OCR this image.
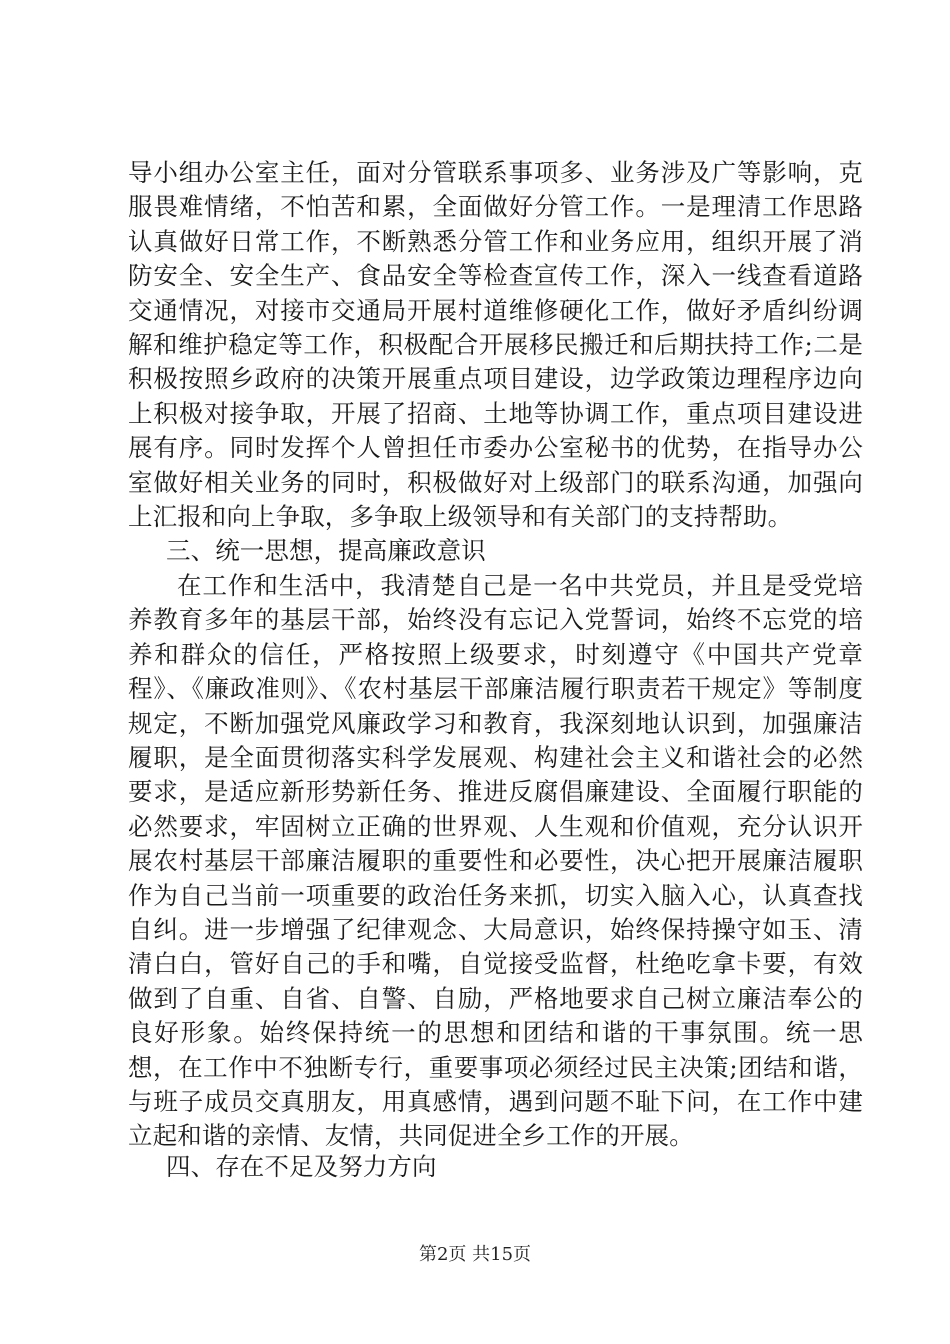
导小组办公室主任，面对分管联系事项多、业务涉及广等影响，克服畏难情绪，不怕苦和累，全面做好分管工作。一是理清工作思路认真做好日常工作，不断熟悉分管工作和业务应用，组织开展了消防安全、安全生产、食品安全等检查宣传工作，深入一线查看道路交通情况，对接市交通局开展村道维修硬化工作，做好矛盾纠纷调解和维护稳定等工作，积极配合开展移民搬迁和后期扶持工作;二是积极按照乡政府的决策开展重点项目建设，边学政策边理程序边向上积极对接争取，开展了招商、土地等协调工作，重点项目建设进展有序。同时发挥个人曾担任市委办公室秘书的优势，在指导办公室做好相关业务的同时，积极做好对上级部门的联系沟通，加强向上汇报和向上争取，多争取上级领导和有关部门的支持帮助。

三、统一思想，提高廉政意识

在工作和生活中，我清楚自己是一名中共党员，并且是受党培养教育多年的基层干部，始终没有忘记入党誓词，始终不忘党的培养和群众的信任，严格按照上级要求，时刻遵守《中国共产党章程》、《廉政准则》、《农村基层干部廉洁履行职责若干规定》等制度规定，不断加强党风廉政学习和教育，我深刻地认识到，加强廉洁履职，是全面贯彻落实科学发展观、构建社会主义和谐社会的必然要求，是适应新形势新任务、推进反腐倡廉建设、全面履行职能的必然要求，牢固树立正确的世界观、人生观和价值观，充分认识开展农村基层干部廉洁履职的重要性和必要性，决心把开展廉洁履职作为自己当前一项重要的政治任务来抓，切实入脑入心，认真查找自纠。进一步增强了纪律观念、大局意识，始终保持操守如玉、清清白白，管好自己的手和嘴，自觉接受监督，杜绝吃拿卡要，有效做到了自重、自省、自警、自励，严格地要求自己树立廉洁奉公的良好形象。始终保持统一的思想和团结和谐的干事氛围。统一思想，在工作中不独断专行，重要事项必须经过民主决策;团结和谐，与班子成员交真朋友，用真感情，遇到问题不耻下问，在工作中建立起和谐的亲情、友情，共同促进全乡工作的开展。

四、存在不足及努力方向

第2页 共15页
